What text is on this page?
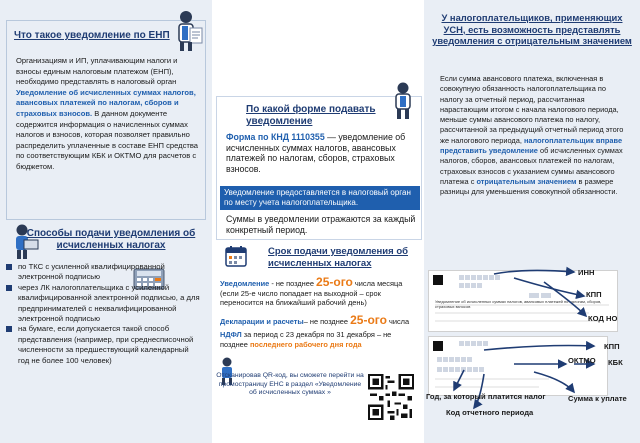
Что такое уведомление по ЕНП
Организациям и ИП, уплачивающим налоги и взносы единым налоговым платежом (ЕНП), необходимо представлять в налоговый орган Уведомление об исчисленных суммах налогов, авансовых платежей по налогам, сборов и страховых взносов. В данном документе содержится информация о начисленных суммах налогов и взносов, которая позволяет правильно распределить уплаченные в составе ЕНП средства по соответствующим КБК и ОКТМО для расчетов с бюджетом.
Способы подачи уведомления об исчисленных налогах
по ТКС с усиленной квалифицированной электронной подписью
через ЛК налогоплательщика с усиленной квалифицированной электронной подписью, а для предпринимателей с неквалифицированной электронной подписью
на бумаге, если допускается такой способ представления (например, при среднесписочной численности за предшествующий календарный год не более 100 человек)
По какой форме подавать уведомление
Форма по КНД 1110355 — уведомление об исчисленных суммах налогов, авансовых платежей по налогам, сборов, страховых взносов.
Уведомление предоставляется в налоговый орган по месту учета налогоплательщика.
Суммы в уведомлении отражаются за каждый конкретный период.
Срок подачи уведомления об исчисленных налогах
Уведомление - не позднее 25-ого числа месяца
(если 25-е число попадает на выходной – срок переносится на ближайший рабочий день)
Декларации и расчеты– не позднее 25-ого числа
НДФЛ за период с 23 декабря по 31 декабря – не позднее последнего рабочего дня года
Отсканировав QR-код, вы сможете перейти на промостраницу ЕНС в раздел «Уведомление об исчисленных суммах »
У налогоплательщиков, применяющих УСН, есть возможность представлять уведомления с отрицательным значением
Если сумма авансового платежа, включенная в совокупную обязанность налогоплательщика по налогу за отчетный период, рассчитанная нарастающим итогом с начала налогового периода, меньше суммы авансового платежа по налогу, рассчитанной за предыдущий отчетный период этого же налогового периода, налогоплательщик вправе представить уведомление об исчисленных суммах налогов, сборов, авансовых платежей по налогам, страховых взносов с указанием суммы авансового платежа с отрицательным значением в размере разницы для уменьшения совокупной обязанности.
Уведомление об исчисленных суммах налогов, авансовых платежей по налогам, сборов, страховых взносов
ИНН
КПП
КОД НО
КПП
ОКТМО КБК
Год, за который платится налог	Сумма к уплате
Код отчетного периода
